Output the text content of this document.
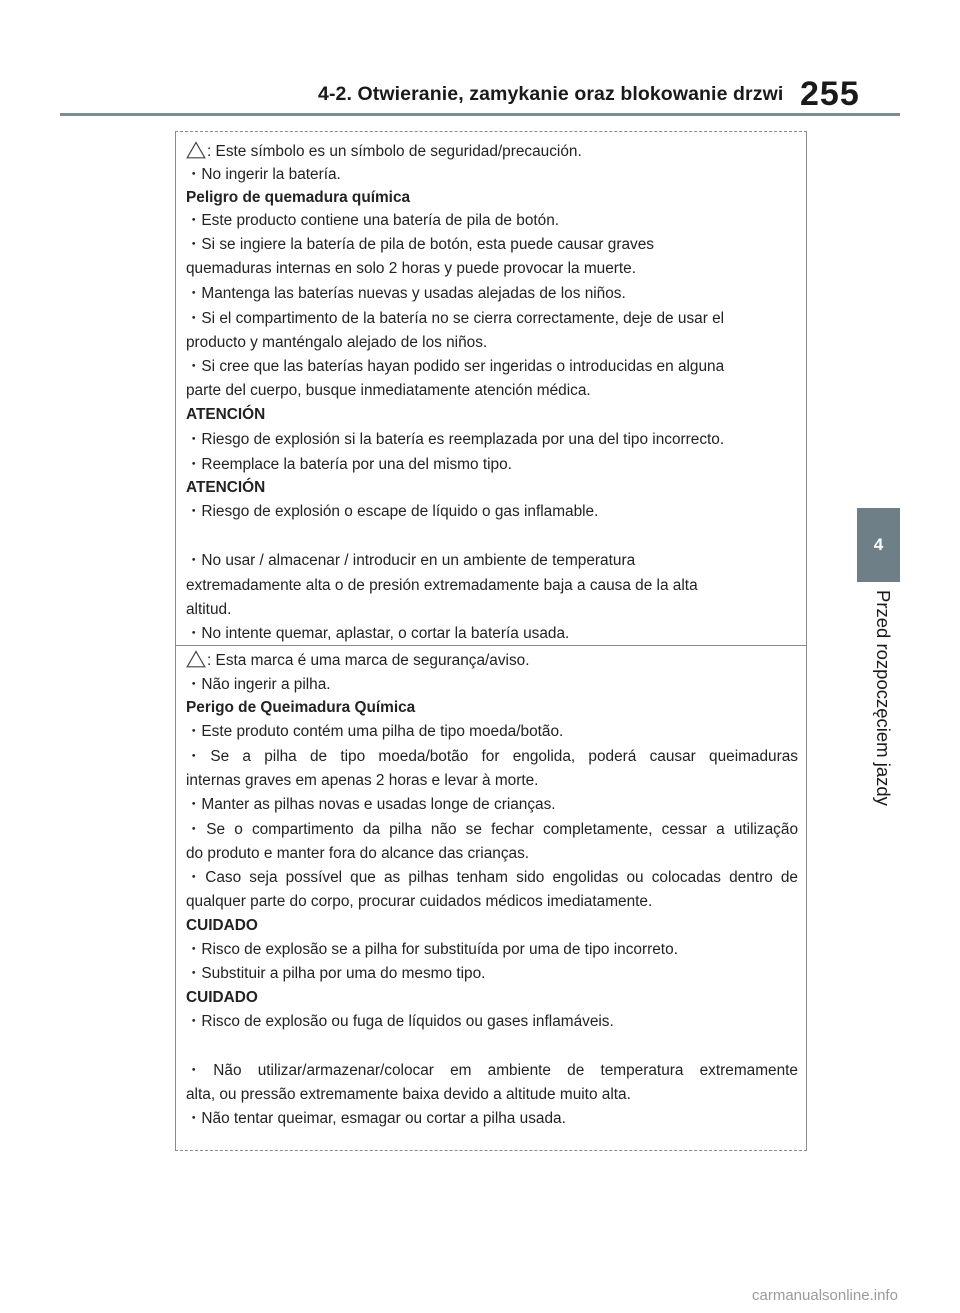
4-2. Otwieranie, zamykanie oraz blokowanie drzwi 255
4
Przed rozpoczęciem jazdy
: Este símbolo es un símbolo de seguridad/precaución.
・No ingerir la batería.
Peligro de quemadura química
・Este producto contiene una batería de pila de botón.
・Si se ingiere la batería de pila de botón, esta puede causar graves
quemaduras internas en solo 2 horas y puede provocar la muerte.
・Mantenga las baterías nuevas y usadas alejadas de los niños.
・Si el compartimento de la batería no se cierra correctamente, deje de usar el
producto y manténgalo alejado de los niños.
・Si cree que las baterías hayan podido ser ingeridas o introducidas en alguna
parte del cuerpo, busque inmediatamente atención médica.
ATENCIÓN
・Riesgo de explosión si la batería es reemplazada por una del tipo incorrecto.
・Reemplace la batería por una del mismo tipo.
ATENCIÓN
・Riesgo de explosión o escape de líquido o gas inflamable.
・No usar / almacenar / introducir en un ambiente de temperatura
extremadamente alta o de presión extremadamente baja a causa de la alta
altitud.
・No intente quemar, aplastar, o cortar la batería usada.
: Esta marca é uma marca de segurança/aviso.
・Não ingerir a pilha.
Perigo de Queimadura Química
・Este produto contém uma pilha de tipo moeda/botão.
・Se a pilha de tipo moeda/botão for engolida, poderá causar queimaduras
internas graves em apenas 2 horas e levar à morte.
・Manter as pilhas novas e usadas longe de crianças.
・Se o compartimento da pilha não se fechar completamente, cessar a utilização
do produto e manter fora do alcance das crianças.
・Caso seja possível que as pilhas tenham sido engolidas ou colocadas dentro de
qualquer parte do corpo, procurar cuidados médicos imediatamente.
CUIDADO
・Risco de explosão se a pilha for substituída por uma de tipo incorreto.
・Substituir a pilha por uma do mesmo tipo.
CUIDADO
・Risco de explosão ou fuga de líquidos ou gases inflamáveis.
・Não utilizar/armazenar/colocar em ambiente de temperatura extremamente
alta, ou pressão extremamente baixa devido a altitude muito alta.
・Não tentar queimar, esmagar ou cortar a pilha usada.
carmanualsonline.info
